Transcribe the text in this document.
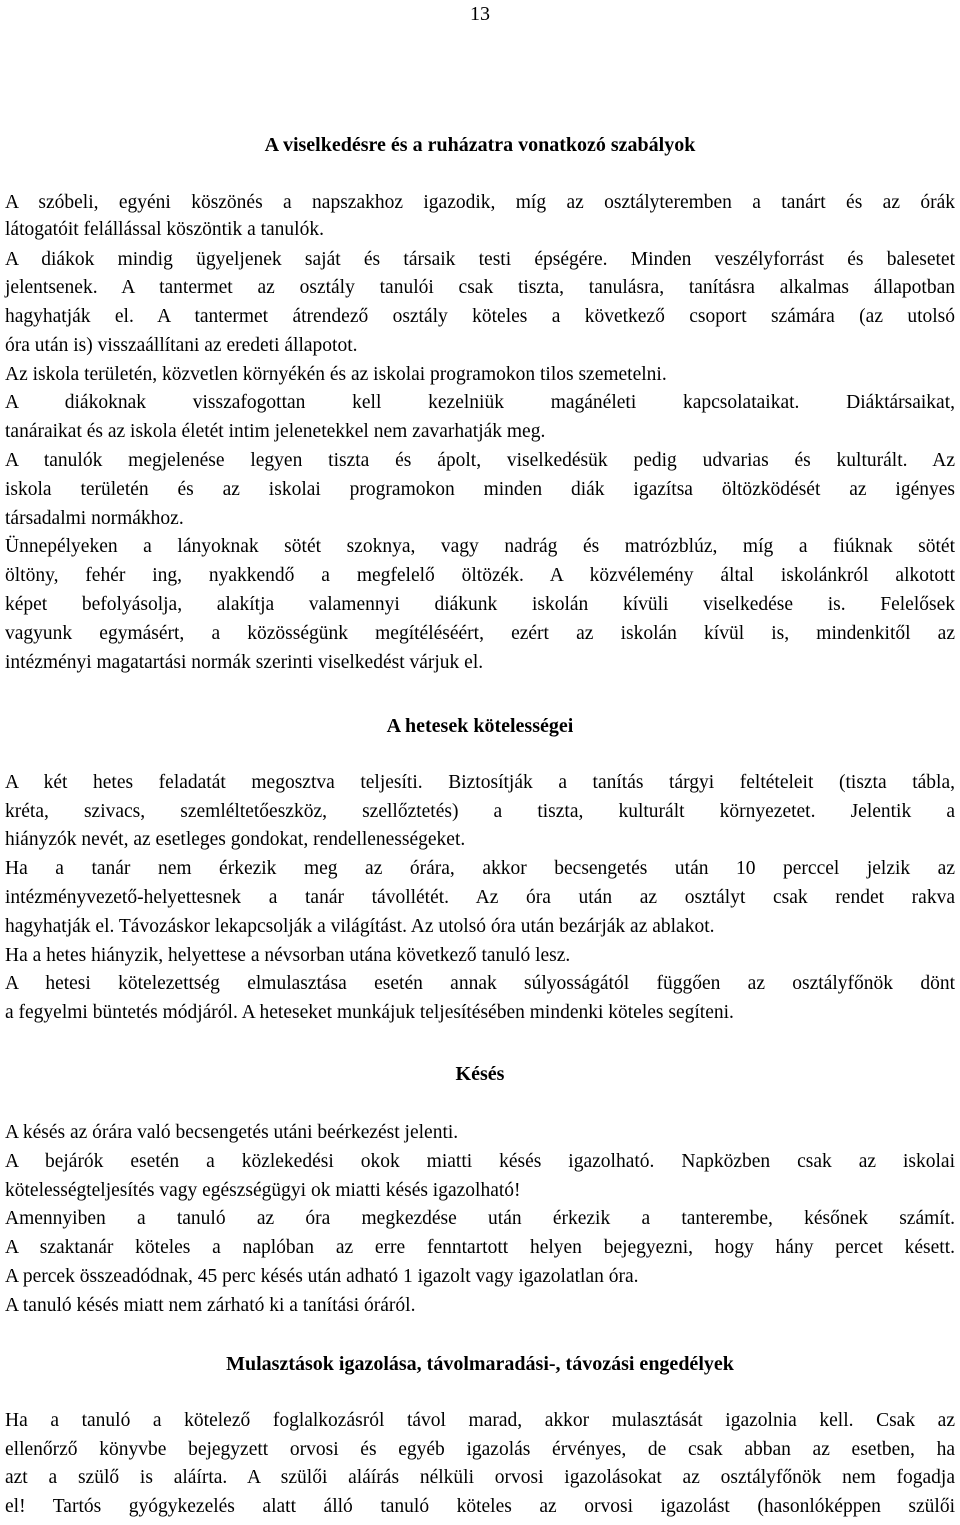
13
A viselkedésre és a ruházatra vonatkozó szabályok
A szóbeli, egyéni köszönés a napszakhoz igazodik, míg az osztályteremben a tanárt és az órák
látogatóit felállással köszöntik a tanulók.
A diákok mindig ügyeljenek saját és társaik testi épségére. Minden veszélyforrást és balesetet
jelentsenek. A tantermet az osztály tanulói csak tiszta, tanulásra, tanításra alkalmas állapotban
hagyhatják el. A tantermet átrendező osztály köteles a következő csoport számára (az utolsó
óra után is) visszaállítani az eredeti állapotot.
Az iskola területén, közvetlen környékén és az iskolai programokon tilos szemetelni.
A diákoknak visszafogottan kell kezelniük magánéleti kapcsolataikat. Diáktársaikat,
tanáraikat és az iskola életét intim jelenetekkel nem zavarhatják meg.
A tanulók megjelenése legyen tiszta és ápolt, viselkedésük pedig udvarias és kulturált. Az
iskola területén és az iskolai programokon minden diák igazítsa öltözködését az igényes
társadalmi normákhoz.
Ünnepélyeken a lányoknak sötét szoknya, vagy nadrág és matrózblúz, míg a fiúknak sötét
öltöny, fehér ing, nyakkendő a megfelelő öltözék. A közvélemény által iskolánkról alkotott
képet befolyásolja, alakítja valamennyi diákunk iskolán kívüli viselkedése is. Felelősek
vagyunk egymásért, a közösségünk megítéléséért, ezért az iskolán kívül is, mindenkitől az
intézményi magatartási normák szerinti viselkedést várjuk el.
A hetesek kötelességei
A két hetes feladatát megosztva teljesíti. Biztosítják a tanítás tárgyi feltételeit (tiszta tábla,
kréta, szivacs, szemléltetőeszköz, szellőztetés) a tiszta, kulturált környezetet. Jelentik a
hiányzók nevét, az esetleges gondokat, rendellenességeket.
Ha a tanár nem érkezik meg az órára, akkor becsengetés után 10 perccel jelzik az
intézményvezető-helyettesnek a tanár távollétét. Az óra után az osztályt csak rendet rakva
hagyhatják el. Távozáskor lekapcsolják a világítást. Az utolsó óra után bezárják az ablakot.
Ha a hetes hiányzik, helyettese a névsorban utána következő tanuló lesz.
A hetesi kötelezettség elmulasztása esetén annak súlyosságától függően az osztályfőnök dönt
a fegyelmi büntetés módjáról. A heteseket munkájuk teljesítésében mindenki köteles segíteni.
Késés
A késés az órára való becsengetés utáni beérkezést jelenti.
A bejárók esetén a közlekedési okok miatti késés igazolható. Napközben csak az iskolai
kötelességteljesítés vagy egészségügyi ok miatti késés igazolható!
Amennyiben a tanuló az óra megkezdése után érkezik a tanterembe, későnek számít.
A szaktanár köteles a naplóban az erre fenntartott helyen bejegyezni, hogy hány percet késett.
A percek összeadódnak, 45 perc késés után adható 1 igazolt vagy igazolatlan óra.
A tanuló késés miatt nem zárható ki a tanítási óráról.
Mulasztások igazolása, távolmaradási-, távozási engedélyek
Ha a tanuló a kötelező foglalkozásról távol marad, akkor mulasztását igazolnia kell. Csak az
ellenőrző könyvbe bejegyzett orvosi és egyéb igazolás érvényes, de csak abban az esetben, ha
azt a szülő is aláírta. A szülői aláírás nélküli orvosi igazolásokat az osztályfőnök nem fogadja
el! Tartós gyógykezelés alatt álló tanuló köteles az orvosi igazolást (hasonlóképpen szülői
